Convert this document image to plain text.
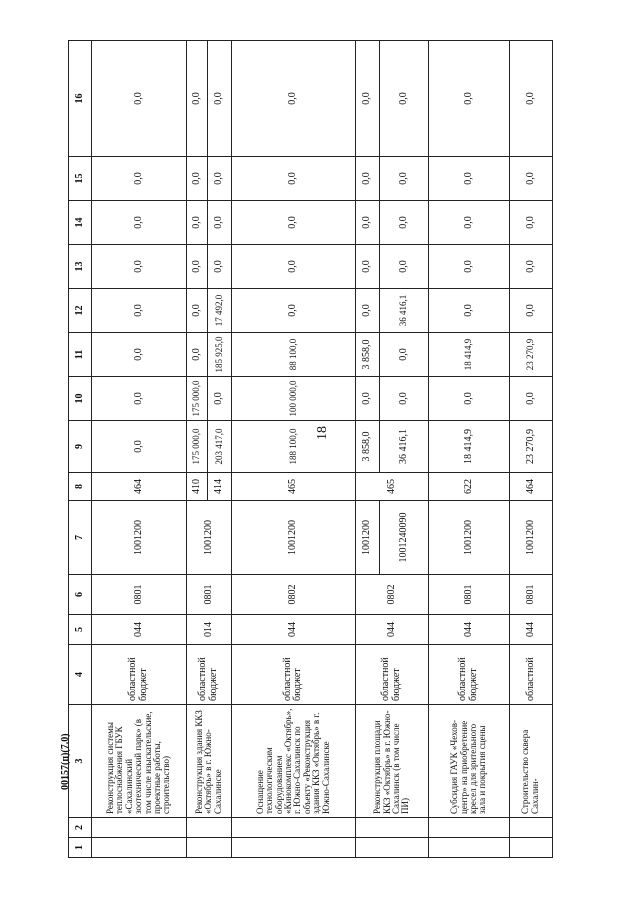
18
00157(п)(7.0)
1	2	3	4	5	6	7	8	9	10	11	12	13	14	15	16
		Реконструкция системы теплоснабжения ГБУК «Сахалинский зоотехнический парк» (в том числе изыскательские, проектные работы, строительство)	областной бюджет	044	0801	1001200	464	0,0	0,0	0,0	0,0	0,0	0,0	0,0	0,0
		Реконструкция здания ККЗ «Октябрь» в г. Южно-Сахалинске	областной бюджет	014	0801	1001200	410	175 000,0	175 000,0	0,0	0,0	0,0	0,0	0,0	0,0
							414	203 417,0	0,0	185 925,0	17 492,0	0,0	0,0	0,0	0,0
		Оснащение технологическим оборудованием «Кинокомплекс «Октябрь», г. Южно-Сахалинск по объекту «Реконструкция здания ККЗ «Октябрь» в г. Южно-Сахалинске	областной бюджет	044	0802	1001200	465	188 100,0	100 000,0	88 100,0	0,0	0,0	0,0	0,0	0,0
		Реконструкция площади ККЗ «Октябрь» в г. Южно-Сахалинск (в том числе ПИ)	областной бюджет	044	0802	1001200	465	3 858,0	0,0	3 858,0	0,0	0,0	0,0	0,0	0,0
						1001240090		36 416,1	0,0	0,0	36 416,1	0,0	0,0	0,0	0,0
		Субсидия ГАУК «Чехов-центр» на приобретение кресел для зрительного зала и покрытия сцены	областной бюджет	044	0801	1001200	622	18 414,9	0,0	18 414,9	0,0	0,0	0,0	0,0	0,0
		Строительство сквера Сахалин-	областной	044	0801	1001200	464	23 270,9	0,0	23 270,9	0,0	0,0	0,0	0,0	0,0
